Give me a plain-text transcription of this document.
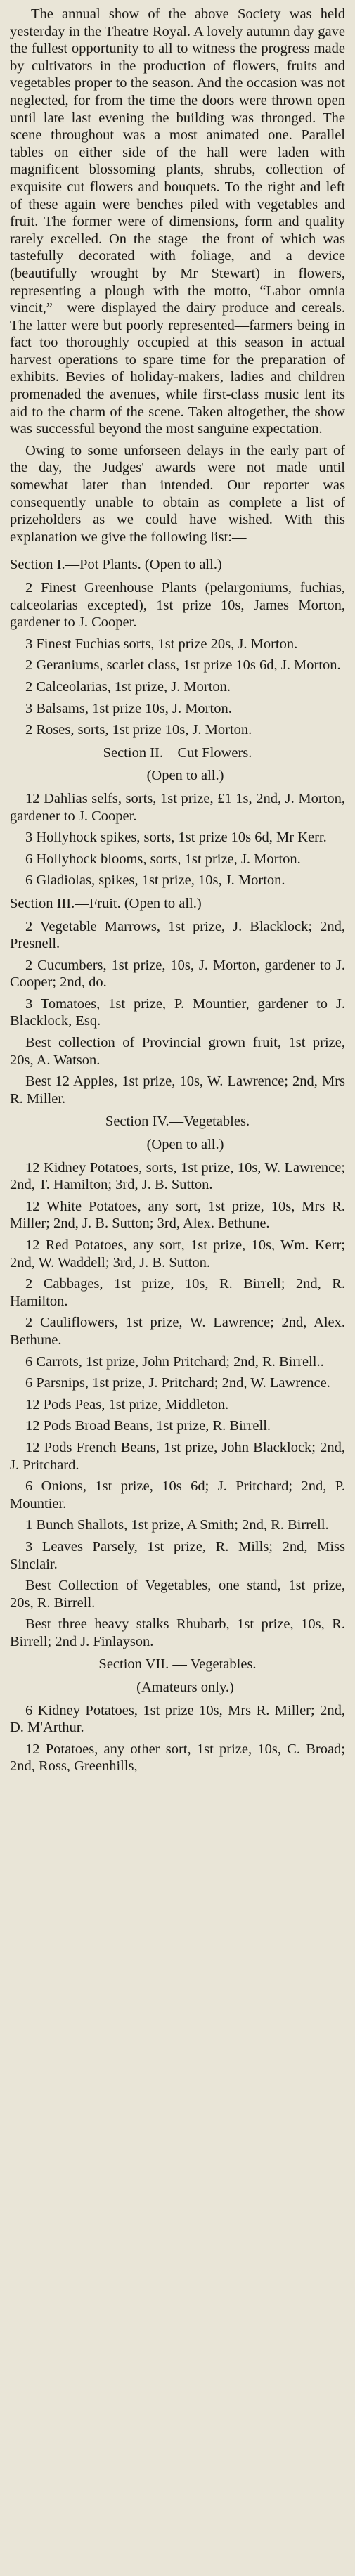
The annual show of the above Society was held yesterday in the Theatre Royal. A lovely autumn day gave the fullest opportunity to all to witness the progress made by cultivators in the production of flowers, fruits and vegetables proper to the season. And the occasion was not neglected, for from the time the doors were thrown open until late last evening the building was thronged. The scene throughout was a most animated one. Parallel tables on either side of the hall were laden with magnificent blossoming plants, shrubs, collection of exquisite cut flowers and bouquets. To the right and left of these again were benches piled with vegetables and fruit. The former were of dimensions, form and quality rarely excelled. On the stage—the front of which was tastefully decorated with foliage, and a device (beautifully wrought by Mr Stewart) in flowers, representing a plough with the motto, “Labor omnia vincit,”—were displayed the dairy produce and cereals. The latter were but poorly represented—farmers being in fact too thoroughly occupied at this season in actual harvest operations to spare time for the preparation of exhibits. Bevies of holiday-makers, ladies and children promenaded the avenues, while first-class music lent its aid to the charm of the scene. Taken altogether, the show was successful beyond the most sanguine expectation.

Owing to some unforseen delays in the early part of the day, the Judges' awards were not made until somewhat later than intended. Our reporter was consequently unable to obtain as complete a list of prizeholders as we could have wished. With this explanation we give the following list:—

Section I.—Pot Plants. (Open to all.)

2 Finest Greenhouse Plants (pelargoniums, fuchias, calceolarias excepted), 1st prize 10s, James Morton, gardener to J. Cooper.

3 Finest Fuchias sorts, 1st prize 20s, J. Morton.

2 Geraniums, scarlet class, 1st prize 10s 6d, J. Morton.

2 Calceolarias, 1st prize, J. Morton.

3 Balsams, 1st prize 10s, J. Morton.

2 Roses, sorts, 1st prize 10s, J. Morton.

Section II.—Cut Flowers.

(Open to all.)

12 Dahlias selfs, sorts, 1st prize, £1 1s, 2nd, J. Morton, gardener to J. Cooper.

3 Hollyhock spikes, sorts, 1st prize 10s 6d, Mr Kerr.

6 Hollyhock blooms, sorts, 1st prize, J. Morton.

6 Gladiolas, spikes, 1st prize, 10s, J. Morton.

Section III.—Fruit. (Open to all.)

2 Vegetable Marrows, 1st prize, J. Blacklock; 2nd, Presnell.

2 Cucumbers, 1st prize, 10s, J. Morton, gardener to J. Cooper; 2nd, do.

3 Tomatoes, 1st prize, P. Mountier, gardener to J. Blacklock, Esq.

Best collection of Provincial grown fruit, 1st prize, 20s, A. Watson.

Best 12 Apples, 1st prize, 10s, W. Lawrence; 2nd, Mrs R. Miller.

Section IV.—Vegetables.

(Open to all.)

12 Kidney Potatoes, sorts, 1st prize, 10s, W. Lawrence; 2nd, T. Hamilton; 3rd, J. B. Sutton.

12 White Potatoes, any sort, 1st prize, 10s, Mrs R. Miller; 2nd, J. B. Sutton; 3rd, Alex. Bethune.

12 Red Potatoes, any sort, 1st prize, 10s, Wm. Kerr; 2nd, W. Waddell; 3rd, J. B. Sutton.

2 Cabbages, 1st prize, 10s, R. Birrell; 2nd, R. Hamilton.

2 Cauliflowers, 1st prize, W. Lawrence; 2nd, Alex. Bethune.

6 Carrots, 1st prize, John Pritchard; 2nd, R. Birrell..

6 Parsnips, 1st prize, J. Pritchard; 2nd, W. Lawrence.

12 Pods Peas, 1st prize, Middleton.

12 Pods Broad Beans, 1st prize, R. Birrell.

12 Pods French Beans, 1st prize, John Blacklock; 2nd, J. Pritchard.

6 Onions, 1st prize, 10s 6d; J. Pritchard; 2nd, P. Mountier.

1 Bunch Shallots, 1st prize, A Smith; 2nd, R. Birrell.

3 Leaves Parsely, 1st prize, R. Mills; 2nd, Miss Sinclair.

Best Collection of Vegetables, one stand, 1st prize, 20s, R. Birrell.

Best three heavy stalks Rhubarb, 1st prize, 10s, R. Birrell; 2nd J. Finlayson.

Section VII. — Vegetables.

(Amateurs only.)

6 Kidney Potatoes, 1st prize 10s, Mrs R. Miller; 2nd, D. M'Arthur.

12 Potatoes, any other sort, 1st prize, 10s, C. Broad; 2nd, Ross, Greenhills,
